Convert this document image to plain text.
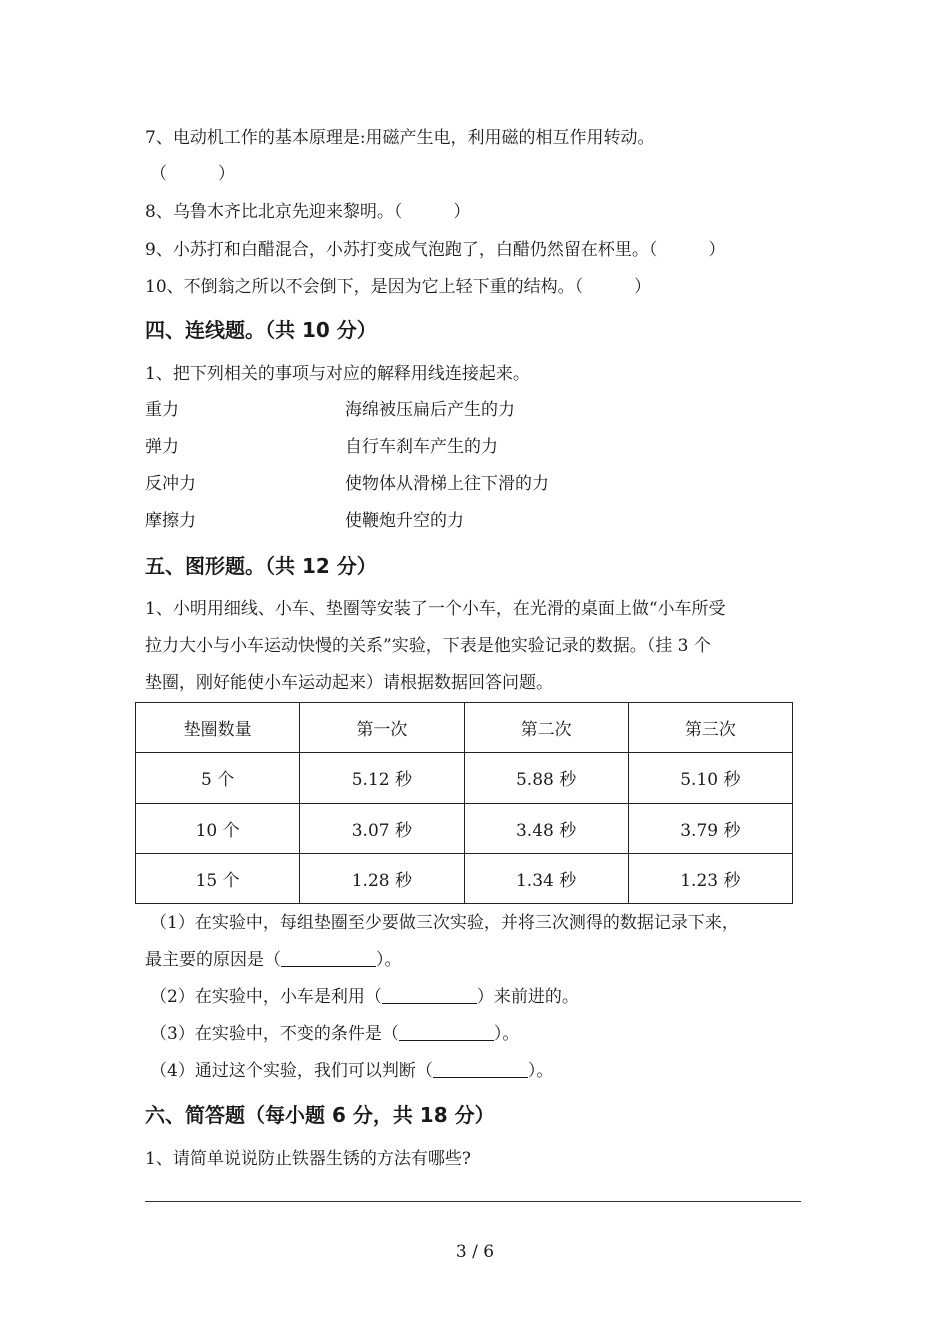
7、电动机工作的基本原理是:用磁产生电，利用磁的相互作用转动。
（　　　）
8、乌鲁木齐比北京先迎来黎明。（　　　）
9、小苏打和白醋混合，小苏打变成气泡跑了，白醋仍然留在杯里。（　　　）
10、不倒翁之所以不会倒下，是因为它上轻下重的结构。（　　　）
四、连线题。（共 10 分）
1、把下列相关的事项与对应的解释用线连接起来。
重力	海绵被压扁后产生的力
弹力	自行车刹车产生的力
反冲力	使物体从滑梯上往下滑的力
摩擦力	使鞭炮升空的力
五、图形题。（共 12 分）
1、小明用细线、小车、垫圈等安装了一个小车，在光滑的桌面上做“小车所受
拉力大小与小车运动快慢的关系”实验，下表是他实验记录的数据。（挂 3 个
垫圈，刚好能使小车运动起来）请根据数据回答问题。
垫圈数量	第一次	第二次	第三次
5 个	5.12 秒	5.88 秒	5.10 秒
10 个	3.07 秒	3.48 秒	3.79 秒
15 个	1.28 秒	1.34 秒	1.23 秒
（1）在实验中，每组垫圈至少要做三次实验，并将三次测得的数据记录下来，
最主要的原因是（	）。
（2）在实验中，小车是利用（	）来前进的。
（3）在实验中，不变的条件是（	）。
（4）通过这个实验，我们可以判断（	）。
六、简答题（每小题 6 分，共 18 分）
1、请简单说说防止铁器生锈的方法有哪些?
3 / 6
